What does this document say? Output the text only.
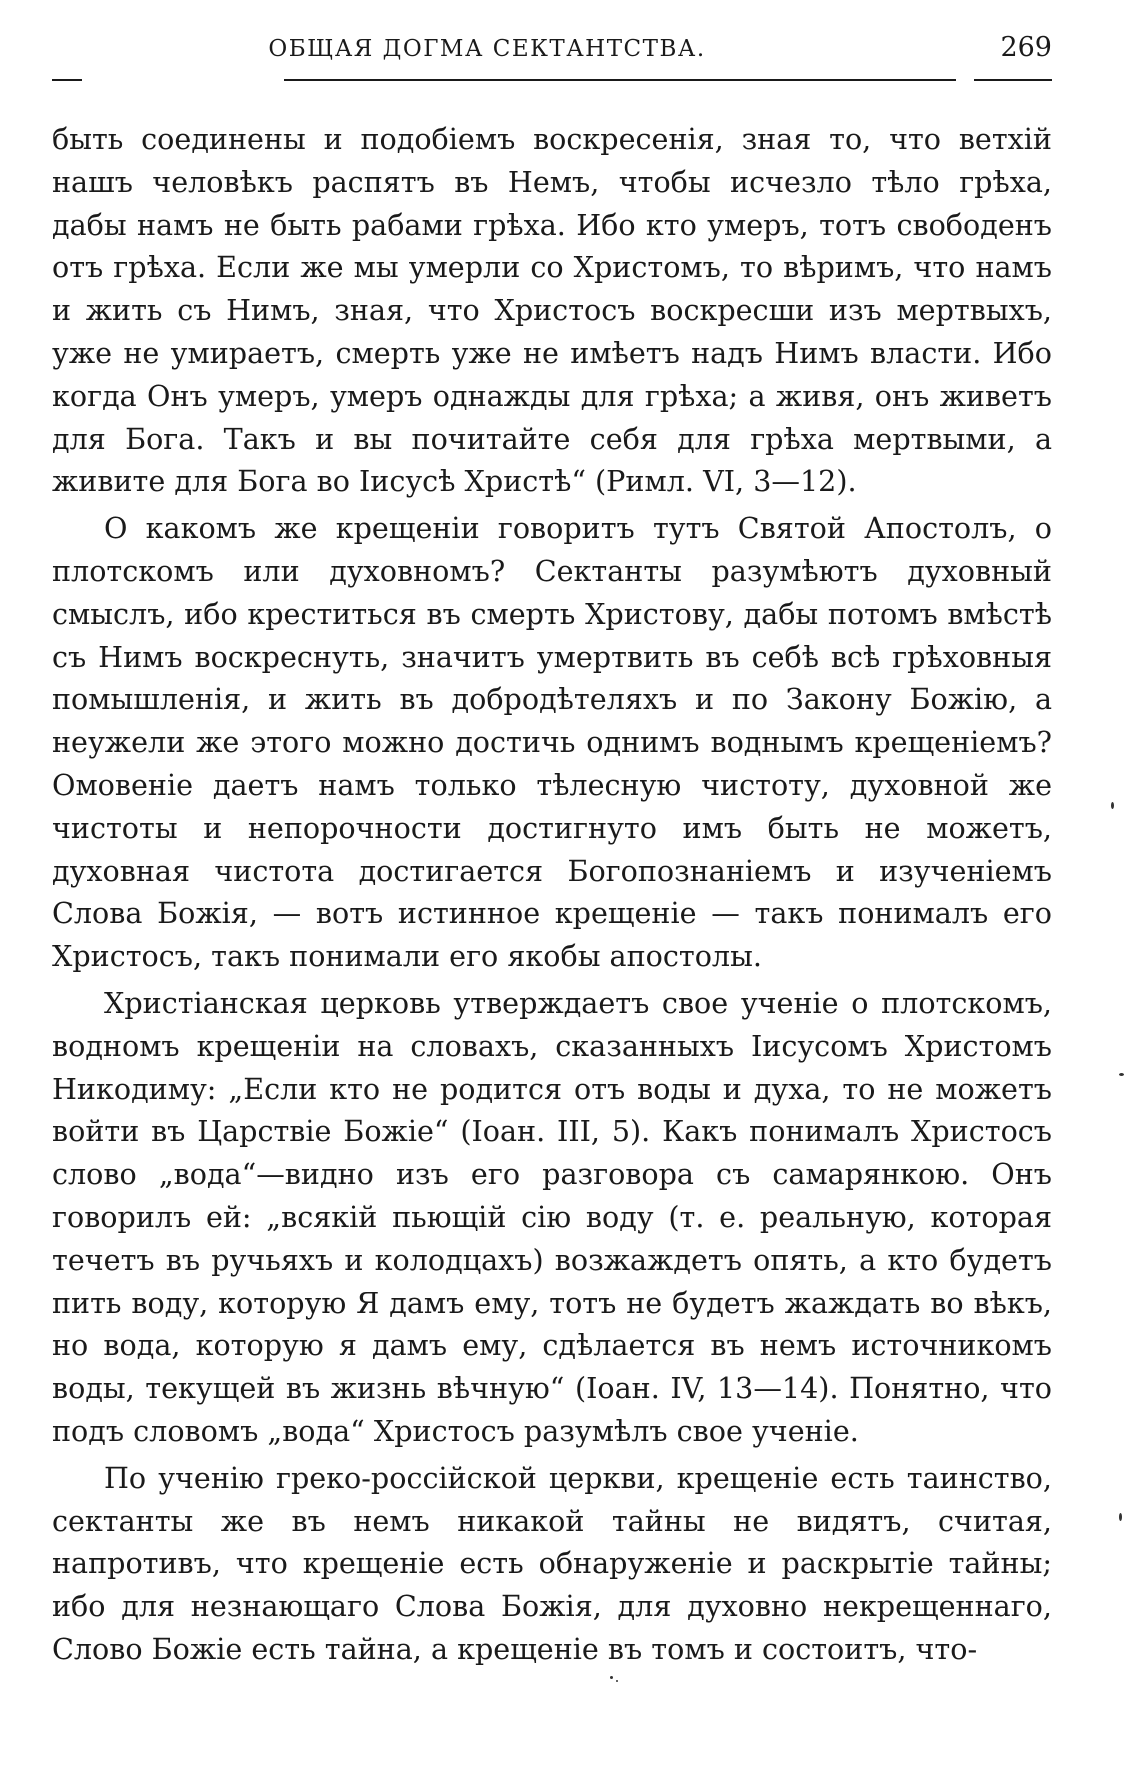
ОБЩАЯ ДОГМА СЕКТАНТСТВА.	269

быть соединены и подобіемъ воскресенія, зная то, что ветхій нашъ человѣкъ распятъ въ Немъ, чтобы исчезло тѣло грѣха, дабы намъ не быть рабами грѣха. Ибо кто умеръ, тотъ свободенъ отъ грѣха. Если же мы умерли со Христомъ, то вѣримъ, что намъ и жить съ Нимъ, зная, что Христосъ воскресши изъ мертвыхъ, уже не умираетъ, смерть уже не имѣетъ надъ Нимъ власти. Ибо когда Онъ умеръ, умеръ однажды для грѣха; а живя, онъ живетъ для Бога. Такъ и вы почитайте себя для грѣха мертвыми, а живите для Бога во Іисусѣ Христѣ“ (Римл. VI, 3—12).

О какомъ же крещеніи говоритъ тутъ Святой Апостолъ, о плотскомъ или духовномъ? Сектанты разумѣютъ духовный смыслъ, ибо креститься въ смерть Христову, дабы потомъ вмѣстѣ съ Нимъ воскреснуть, значитъ умертвить въ себѣ всѣ грѣховныя помышленія, и жить въ добродѣтеляхъ и по Закону Божію, а неужели же этого можно достичь однимъ воднымъ крещеніемъ? Омовеніе даетъ намъ только тѣлесную чистоту, духовной же чистоты и непорочности достигнуто имъ быть не можетъ, духовная чистота достигается Богопознаніемъ и изученіемъ Слова Божія, — вотъ истинное крещеніе — такъ понималъ его Христосъ, такъ понимали его якобы апостолы.

Христіанская церковь утверждаетъ свое ученіе о плотскомъ, водномъ крещеніи на словахъ, сказанныхъ Іисусомъ Христомъ Никодиму: „Если кто не родится отъ воды и духа, то не можетъ войти въ Царствіе Божіе“ (Іоан. III, 5). Какъ понималъ Христосъ слово „вода“—видно изъ его разговора съ самарянкою. Онъ говорилъ ей: „всякій пьющій сію воду (т. е. реальную, которая течетъ въ ручьяхъ и колодцахъ) возжаждетъ опять, а кто будетъ пить воду, которую Я дамъ ему, тотъ не будетъ жаждать во вѣкъ, но вода, которую я дамъ ему, сдѣлается въ немъ источникомъ воды, текущей въ жизнь вѣчную“ (Іоан. IV, 13—14). Понятно, что подъ словомъ „вода“ Христосъ разумѣлъ свое ученіе.

По ученію греко-россійской церкви, крещеніе есть таинство, сектанты же въ немъ никакой тайны не видятъ, считая, напротивъ, что крещеніе есть обнаруженіе и раскрытіе тайны; ибо для незнающаго Слова Божія, для духовно некрещеннаго, Слово Божіе есть тайна, а крещеніе въ томъ и состоитъ, что-
